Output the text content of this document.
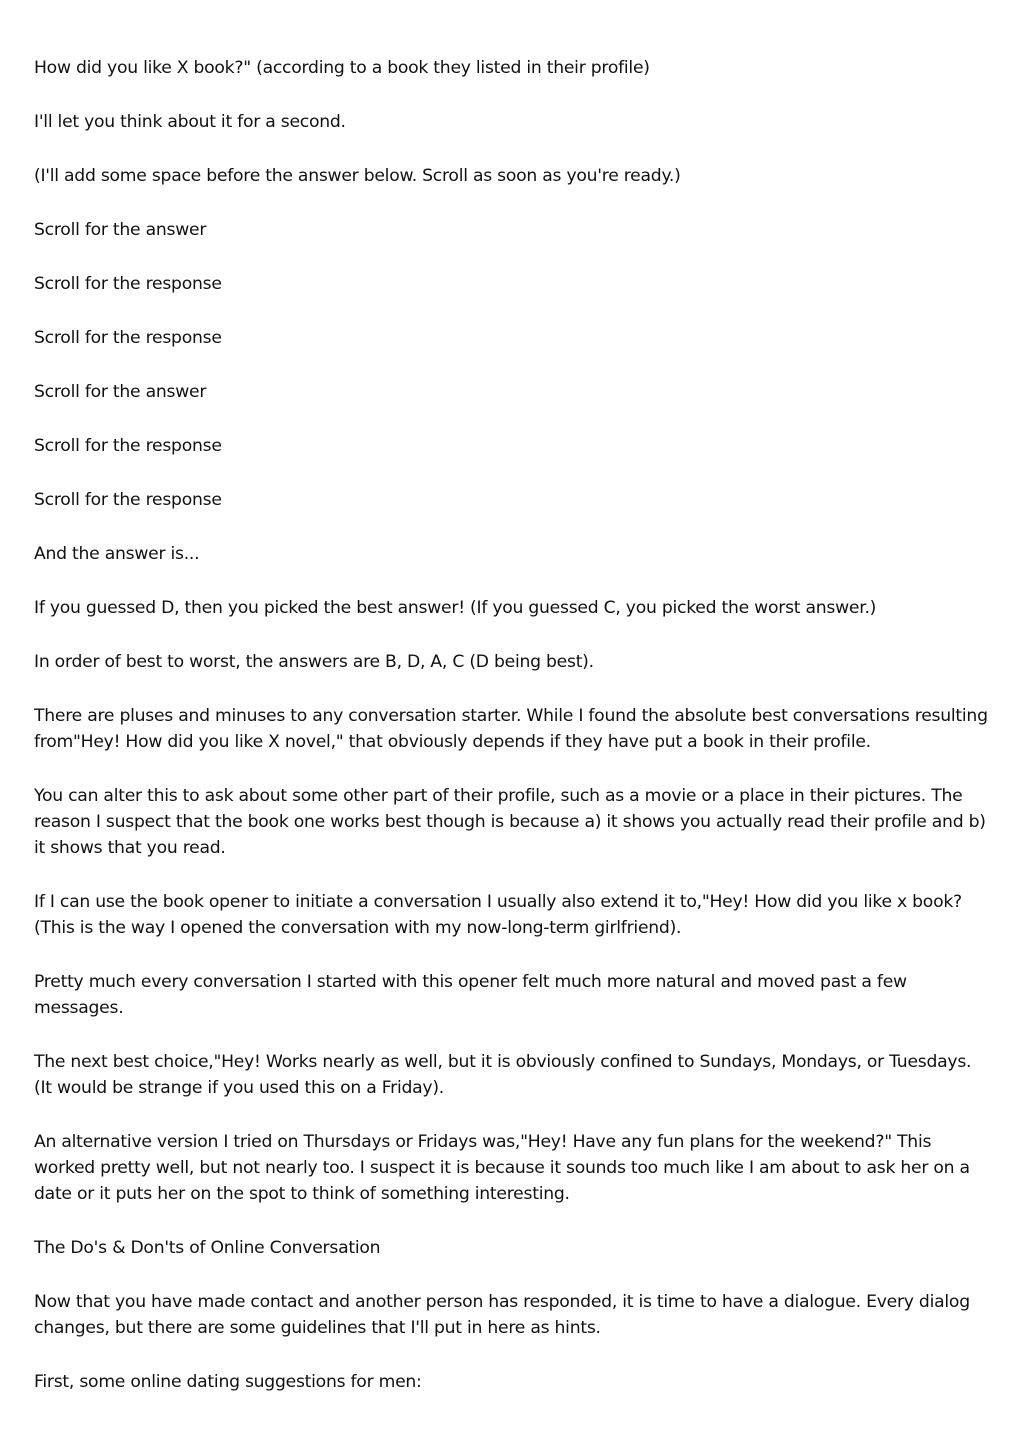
How did you like X book?" (according to a book they listed in their profile)

I'll let you think about it for a second.

(I'll add some space before the answer below. Scroll as soon as you're ready.)

Scroll for the answer

Scroll for the response

Scroll for the response

Scroll for the answer

Scroll for the response

Scroll for the response

And the answer is...

If you guessed D, then you picked the best answer! (If you guessed C, you picked the worst answer.)

In order of best to worst, the answers are B, D, A, C (D being best).

There are pluses and minuses to any conversation starter. While I found the absolute best conversations resulting from"Hey! How did you like X novel," that obviously depends if they have put a book in their profile.

You can alter this to ask about some other part of their profile, such as a movie or a place in their pictures. The reason I suspect that the book one works best though is because a) it shows you actually read their profile and b) it shows that you read.

If I can use the book opener to initiate a conversation I usually also extend it to,"Hey! How did you like x book? (This is the way I opened the conversation with my now-long-term girlfriend).

Pretty much every conversation I started with this opener felt much more natural and moved past a few messages.

The next best choice,"Hey! Works nearly as well, but it is obviously confined to Sundays, Mondays, or Tuesdays. (It would be strange if you used this on a Friday).

An alternative version I tried on Thursdays or Fridays was,"Hey! Have any fun plans for the weekend?" This worked pretty well, but not nearly too. I suspect it is because it sounds too much like I am about to ask her on a date or it puts her on the spot to think of something interesting.

The Do's & Don'ts of Online Conversation

Now that you have made contact and another person has responded, it is time to have a dialogue. Every dialog changes, but there are some guidelines that I'll put in here as hints.

First, some online dating suggestions for men:
